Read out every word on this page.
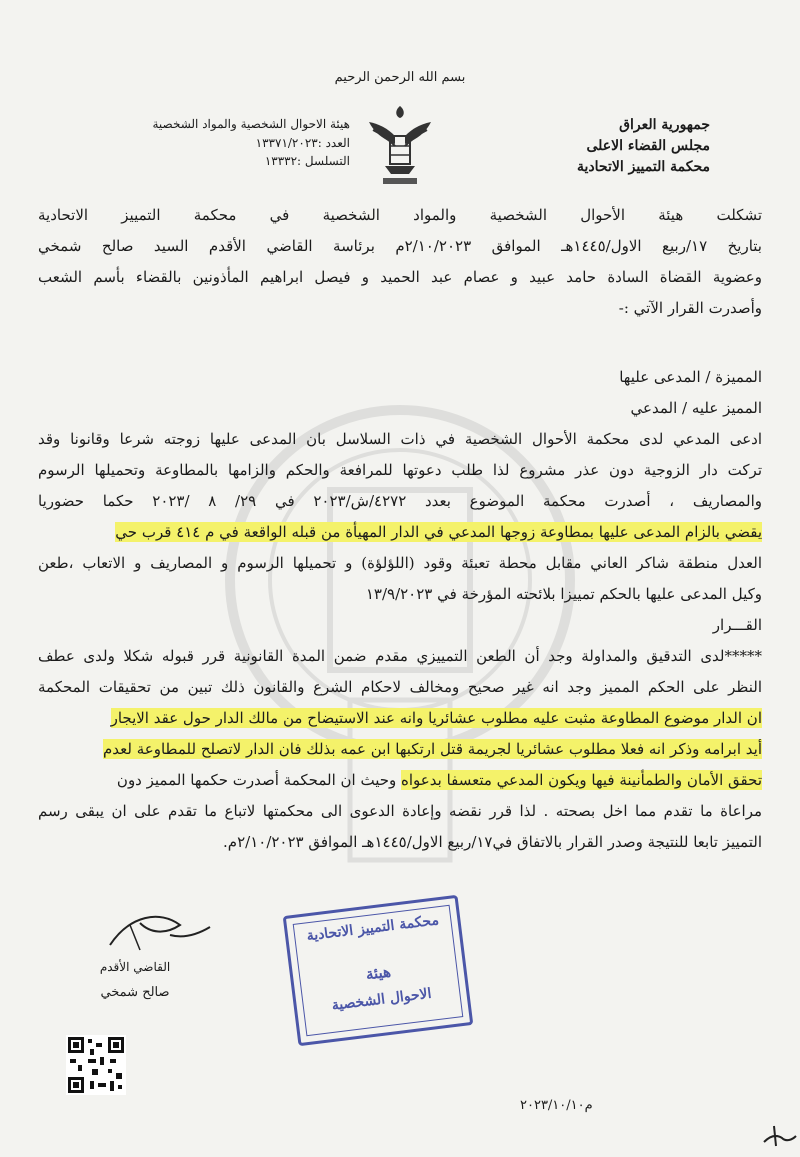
بسم الله الرحمن الرحيم
جمهورية العراق
مجلس القضاء الاعلى
محكمة التمييز الاتحادية
هيئة الاحوال الشخصية والمواد الشخصية
العدد :١٣٣٧١/٢٠٢٣
التسلسل :١٣٣٣٢

تشكلت هيئة الأحوال الشخصية والمواد الشخصية في محكمة التمييز الاتحادية

بتاريخ ١٧/ربيع الاول/١٤٤٥هـ الموافق ٢/١٠/٢٠٢٣م برئاسة القاضي الأقدم السيد صالح شمخي

وعضوية القضاة السادة حامد عبيد و عصام عبد الحميد و فيصل ابراهيم المأذونين بالقضاء بأسم الشعب

وأصدرت القرار الآتي :-

المميزة / المدعى عليها

المميز عليه / المدعي

ادعى المدعي لدى محكمة الأحوال الشخصية في ذات السلاسل بان المدعى عليها زوجته شرعا وقانونا وقد

تركت دار الزوجية دون عذر مشروع لذا طلب دعوتها للمرافعة والحكم والزامها بالمطاوعة وتحميلها الرسوم

والمصاريف ، أصدرت محكمة الموضوع بعدد ٤٢٧٢/ش/٢٠٢٣ في ٢٩/ ٨ /٢٠٢٣ حكما حضوريا

يقضي بالزام المدعى عليها بمطاوعة زوجها المدعي في الدار المهيأة من قبله الواقعة في م ٤١٤ قرب حي

العدل منطقة شاكر العاني مقابل محطة تعبئة وقود (اللؤلؤة) و تحميلها الرسوم و المصاريف و الاتعاب ،طعن

وكيل المدعى عليها بالحكم تمييزا بلائحته المؤرخة في ١٣/٩/٢٠٢٣

القـــرار

*****لدى التدقيق والمداولة وجد أن الطعن التمييزي مقدم ضمن المدة القانونية قرر قبوله شكلا ولدى عطف

النظر على الحكم المميز وجد انه غير صحيح ومخالف لاحكام الشرع والقانون ذلك تبين من تحقيقات المحكمة

ان الدار موضوع المطاوعة مثبت عليه مطلوب عشائريا وانه عند الاستيضاح من مالك الدار حول عقد الايجار

أيد ابرامه وذكر انه فعلا مطلوب عشائريا لجريمة قتل ارتكبها ابن عمه بذلك فان الدار لاتصلح للمطاوعة لعدم

تحقق الأمان والطمأنينة فيها ويكون المدعي متعسفا بدعواه وحيث ان المحكمة أصدرت حكمها المميز دون

مراعاة ما تقدم مما اخل بصحته . لذا قرر نقضه وإعادة الدعوى الى محكمتها لاتباع ما تقدم على ان يبقى رسم

التمييز تابعا للنتيجة وصدر القرار بالاتفاق في١٧/ربيع الاول/١٤٤٥هـ الموافق ٢/١٠/٢٠٢٣م.

القاضي الأقدم
صالح شمخي
محكمة التمييز الاتحادية
هيئة
الاحوال الشخصية
م٢٠٢٣/١٠/١٠
